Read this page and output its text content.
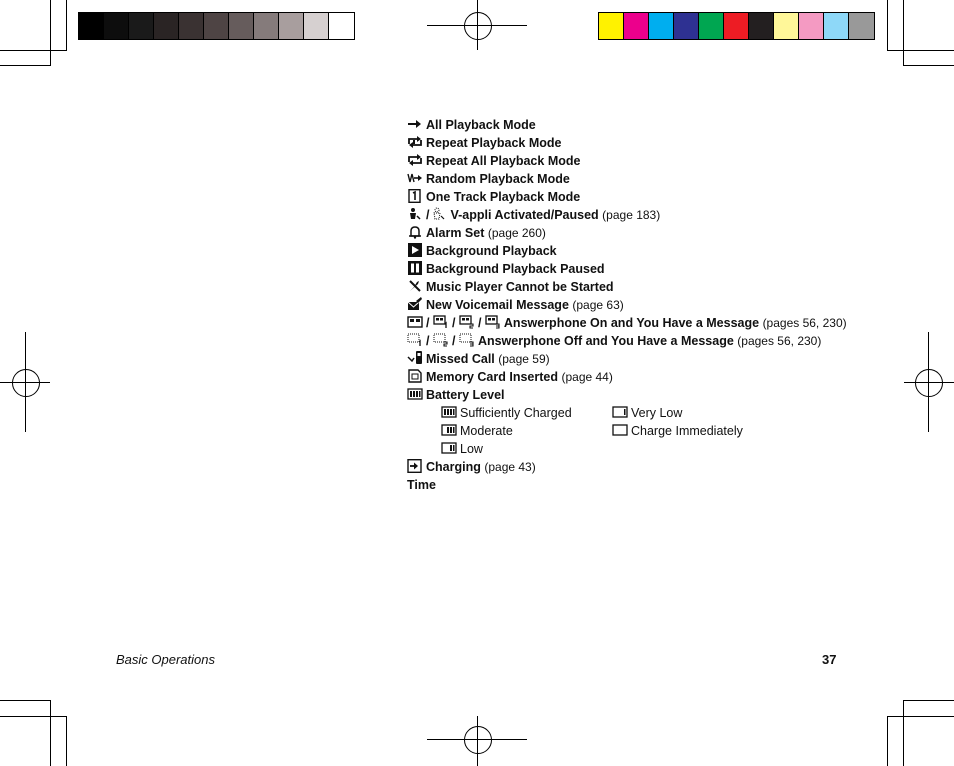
All Playback Mode
Repeat Playback Mode
Repeat All Playback Mode
Random Playback Mode
One Track Playback Mode
/ V-appli Activated/Paused (page 183)
Alarm Set (page 260)
Background Playback
Background Playback Paused
Music Player Cannot be Started
New Voicemail Message (page 63)
/ / / Answerphone On and You Have a Message (pages 56, 230)
/ / Answerphone Off and You Have a Message (pages 56, 230)
Missed Call (page 59)
Memory Card Inserted (page 44)
Battery Level
Sufficiently Charged
Moderate
Low
Very Low
Charge Immediately
Charging (page 43)
Time
Basic Operations	37
